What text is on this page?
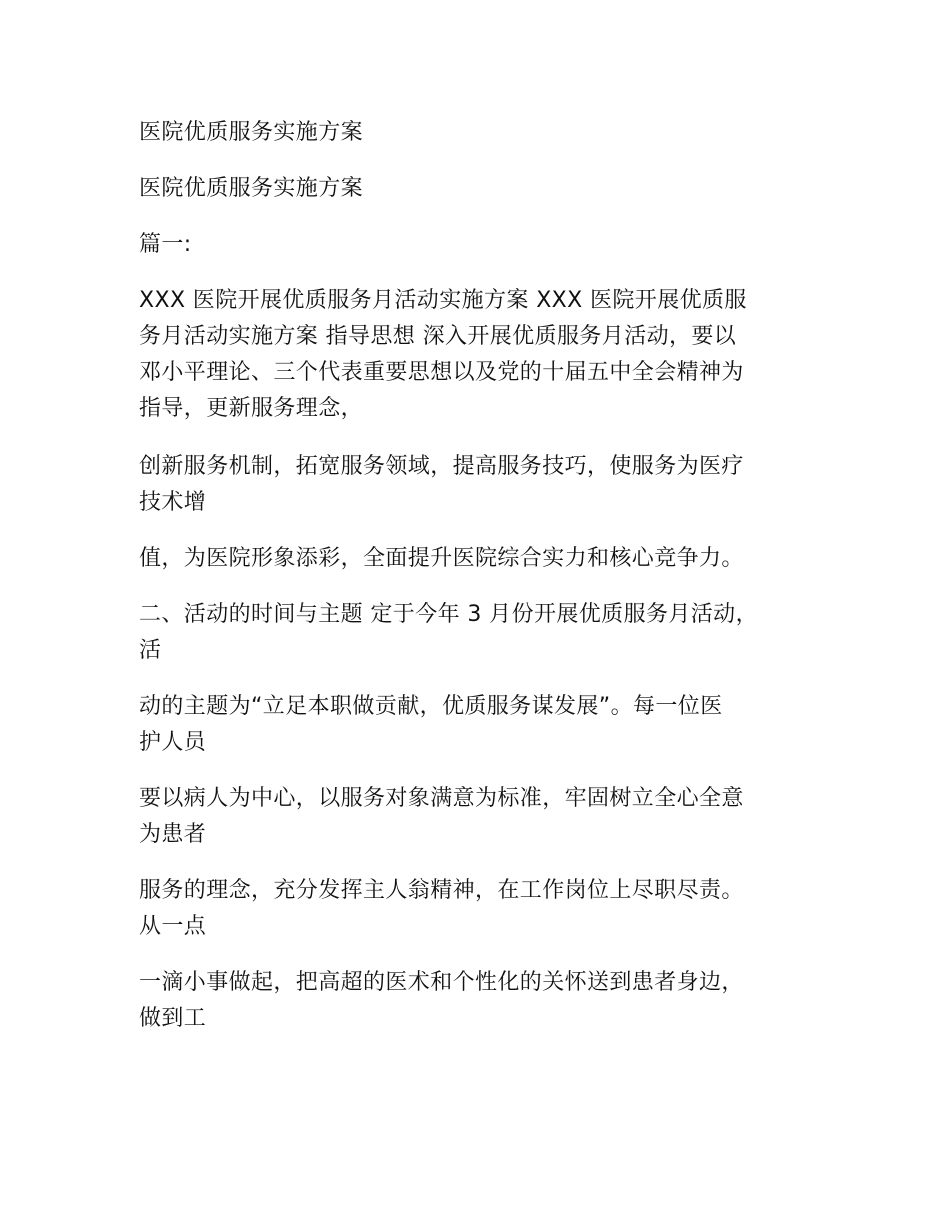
医院优质服务实施方案
医院优质服务实施方案
篇一:
XXX 医院开展优质服务月活动实施方案 XXX 医院开展优质服
务月活动实施方案 指导思想 深入开展优质服务月活动，要以
邓小平理论、三个代表重要思想以及党的十届五中全会精神为
指导，更新服务理念，
创新服务机制，拓宽服务领域，提高服务技巧，使服务为医疗
技术增
值，为医院形象添彩，全面提升医院综合实力和核心竞争力。
二、活动的时间与主题 定于今年 3 月份开展优质服务月活动，
活
动的主题为“立足本职做贡献，优质服务谋发展”。每一位医
护人员
要以病人为中心，以服务对象满意为标准，牢固树立全心全意
为患者
服务的理念，充分发挥主人翁精神，在工作岗位上尽职尽责。
从一点
一滴小事做起，把高超的医术和个性化的关怀送到患者身边，
做到工
